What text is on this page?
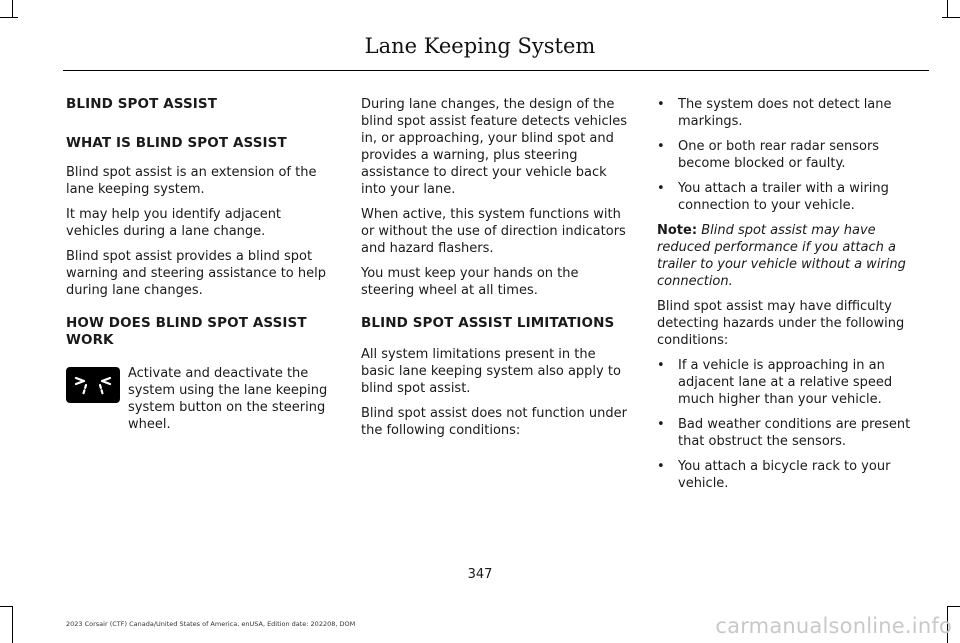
Lane Keeping System
BLIND SPOT ASSIST
WHAT IS BLIND SPOT ASSIST

Blind spot assist is an extension of the lane keeping system.

It may help you identify adjacent vehicles during a lane change.

Blind spot assist provides a blind spot warning and steering assistance to help during lane changes.

HOW DOES BLIND SPOT ASSIST WORK
Activate and deactivate the system using the lane keeping system button on the steering wheel.

During lane changes, the design of the blind spot assist feature detects vehicles in, or approaching, your blind spot and provides a warning, plus steering assistance to direct your vehicle back into your lane.

When active, this system functions with or without the use of direction indicators and hazard flashers.

You must keep your hands on the steering wheel at all times.

BLIND SPOT ASSIST LIMITATIONS

All system limitations present in the basic lane keeping system also apply to blind spot assist.

Blind spot assist does not function under the following conditions:

• The system does not detect lane markings.
• One or both rear radar sensors become blocked or faulty.
• You attach a trailer with a wiring connection to your vehicle.

Note: Blind spot assist may have reduced performance if you attach a trailer to your vehicle without a wiring connection.

Blind spot assist may have difficulty detecting hazards under the following conditions:

• If a vehicle is approaching in an adjacent lane at a relative speed much higher than your vehicle.
• Bad weather conditions are present that obstruct the sensors.
• You attach a bicycle rack to your vehicle.
347
2023 Corsair (CTF) Canada/United States of America, enUSA, Edition date: 202208, DOM	carmanualsonline.info
